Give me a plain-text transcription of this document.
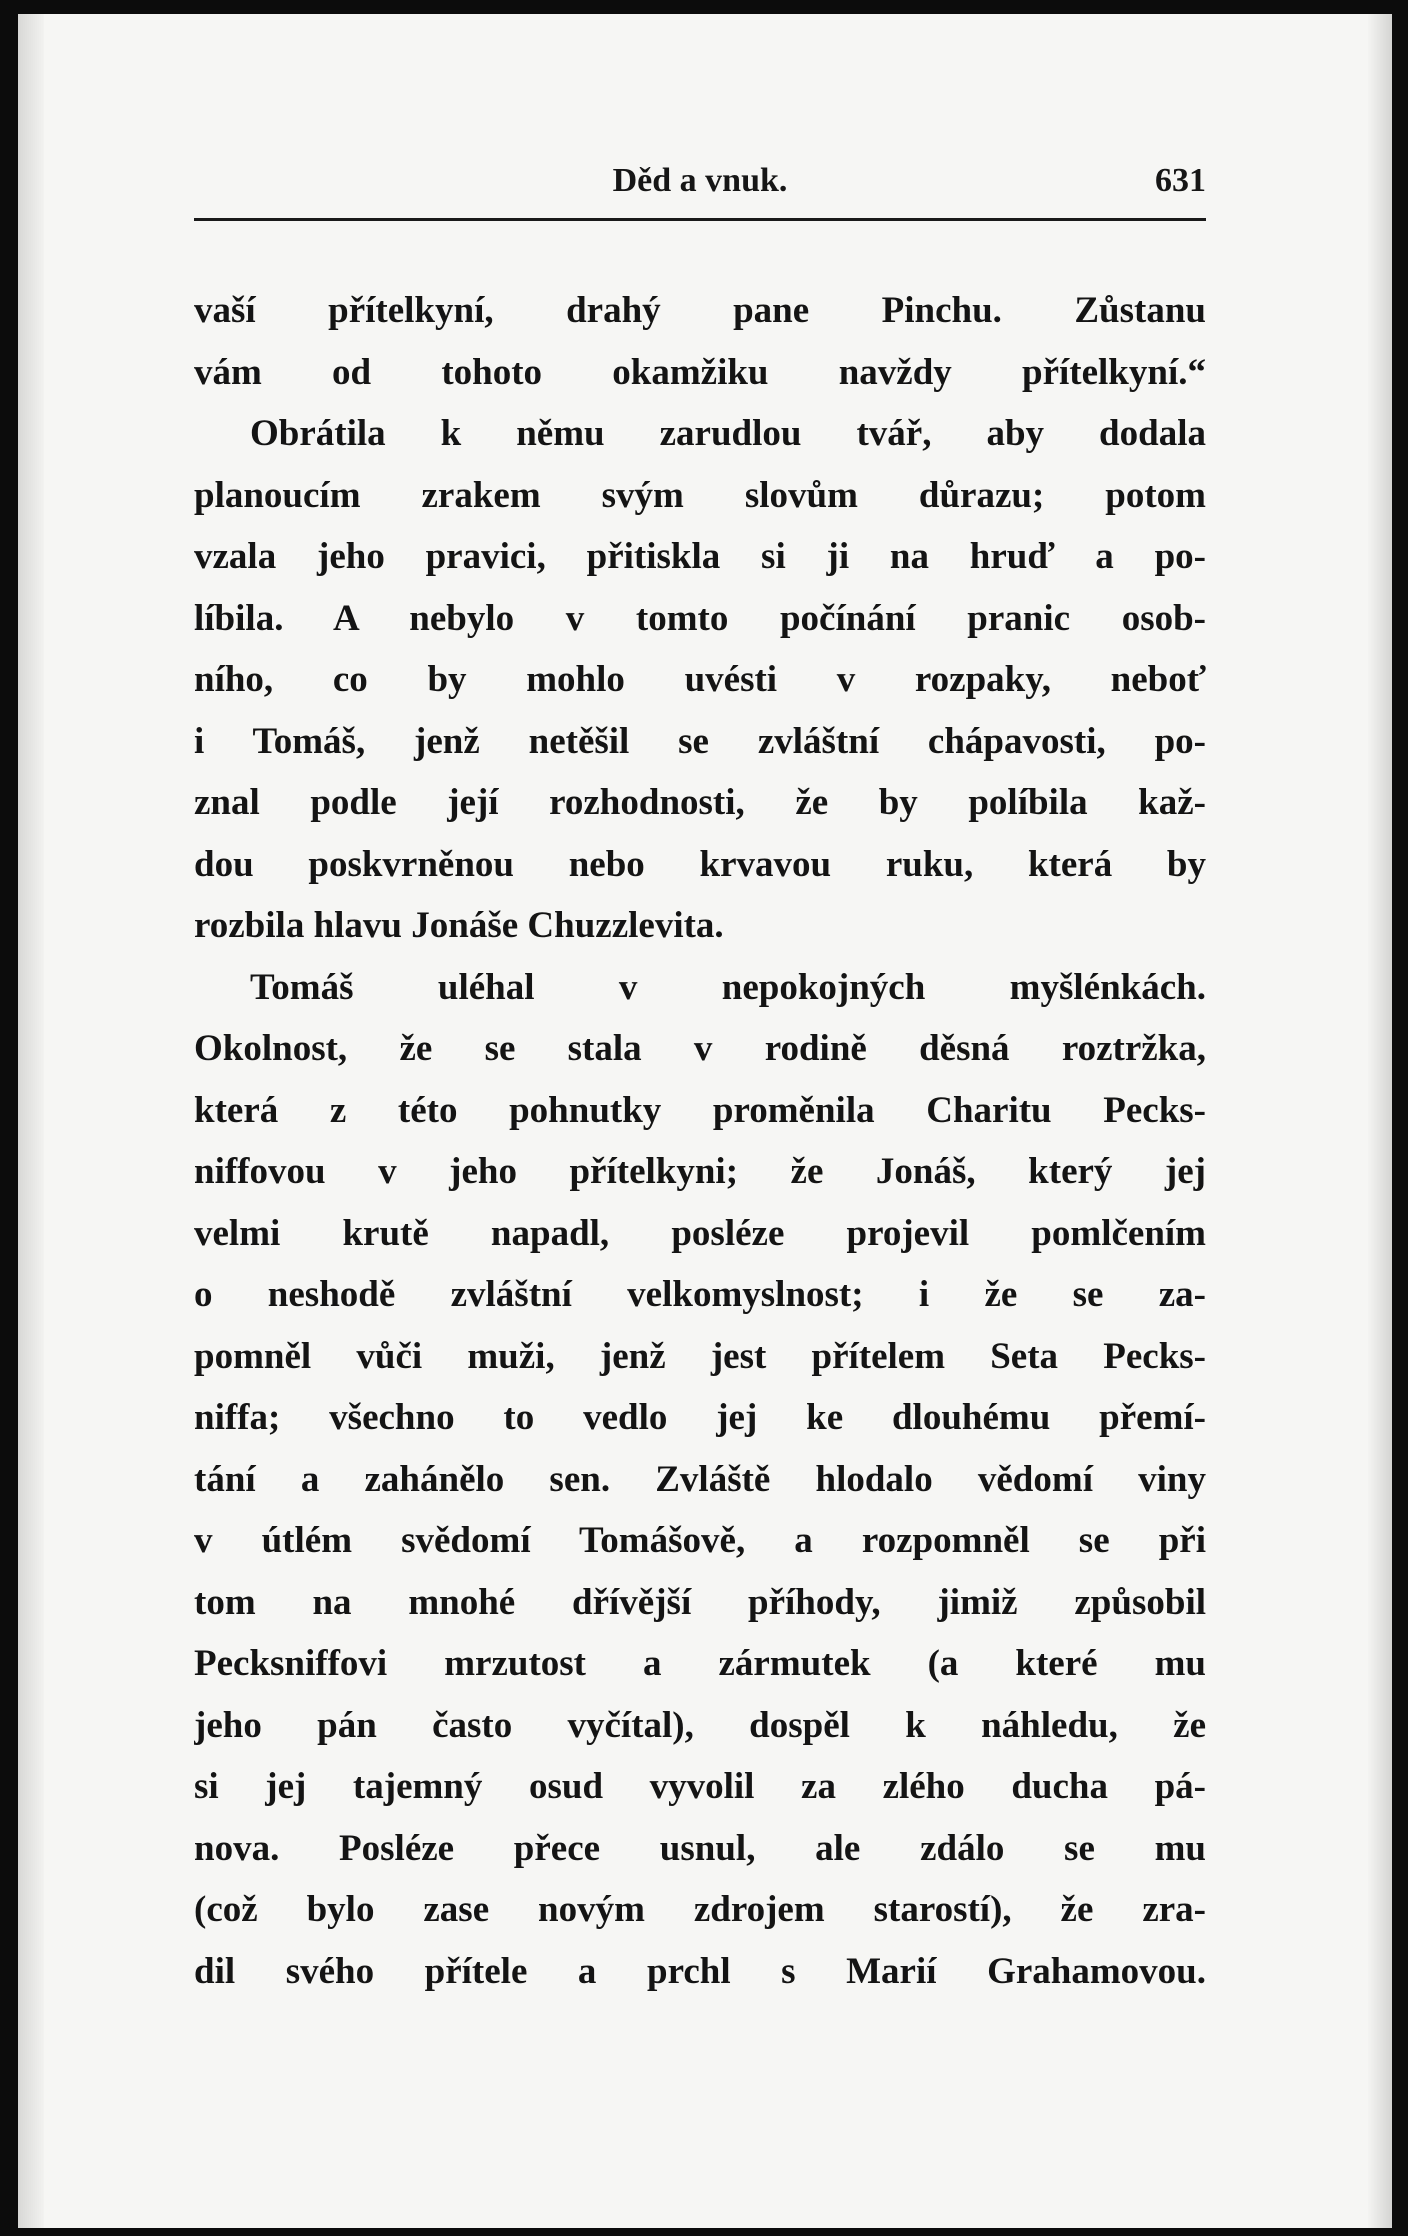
Děd a vnuk.	631
vaší přítelkyní, drahý pane Pinchu. Zůstanu
vám od tohoto okamžiku navždy přítelkyní.“
Obrátila k němu zarudlou tvář, aby dodala
planoucím zrakem svým slovům důrazu; potom
vzala jeho pravici, přitiskla si ji na hruď a po-
líbila. A nebylo v tomto počínání pranic osob-
ního, co by mohlo uvésti v rozpaky, neboť
i Tomáš, jenž netěšil se zvláštní chápavosti, po-
znal podle její rozhodnosti, že by políbila kaž-
dou poskvrněnou nebo krvavou ruku, která by
rozbila hlavu Jonáše Chuzzlevita.
Tomáš uléhal v nepokojných myšlénkách.
Okolnost, že se stala v rodině děsná roztržka,
která z této pohnutky proměnila Charitu Pecks-
niffovou v jeho přítelkyni; že Jonáš, který jej
velmi krutě napadl, posléze projevil pomlčením
o neshodě zvláštní velkomyslnost; i že se za-
pomněl vůči muži, jenž jest přítelem Seta Pecks-
niffa; všechno to vedlo jej ke dlouhému přemí-
tání a zahánělo sen. Zvláště hlodalo vědomí viny
v útlém svědomí Tomášově, a rozpomněl se při
tom na mnohé dřívější příhody, jimiž způsobil
Pecksniffovi mrzutost a zármutek (a které mu
jeho pán často vyčítal), dospěl k náhledu, že
si jej tajemný osud vyvolil za zlého ducha pá-
nova. Posléze přece usnul, ale zdálo se mu
(což bylo zase novým zdrojem starostí), že zra-
dil svého přítele a prchl s Marií Grahamovou.
